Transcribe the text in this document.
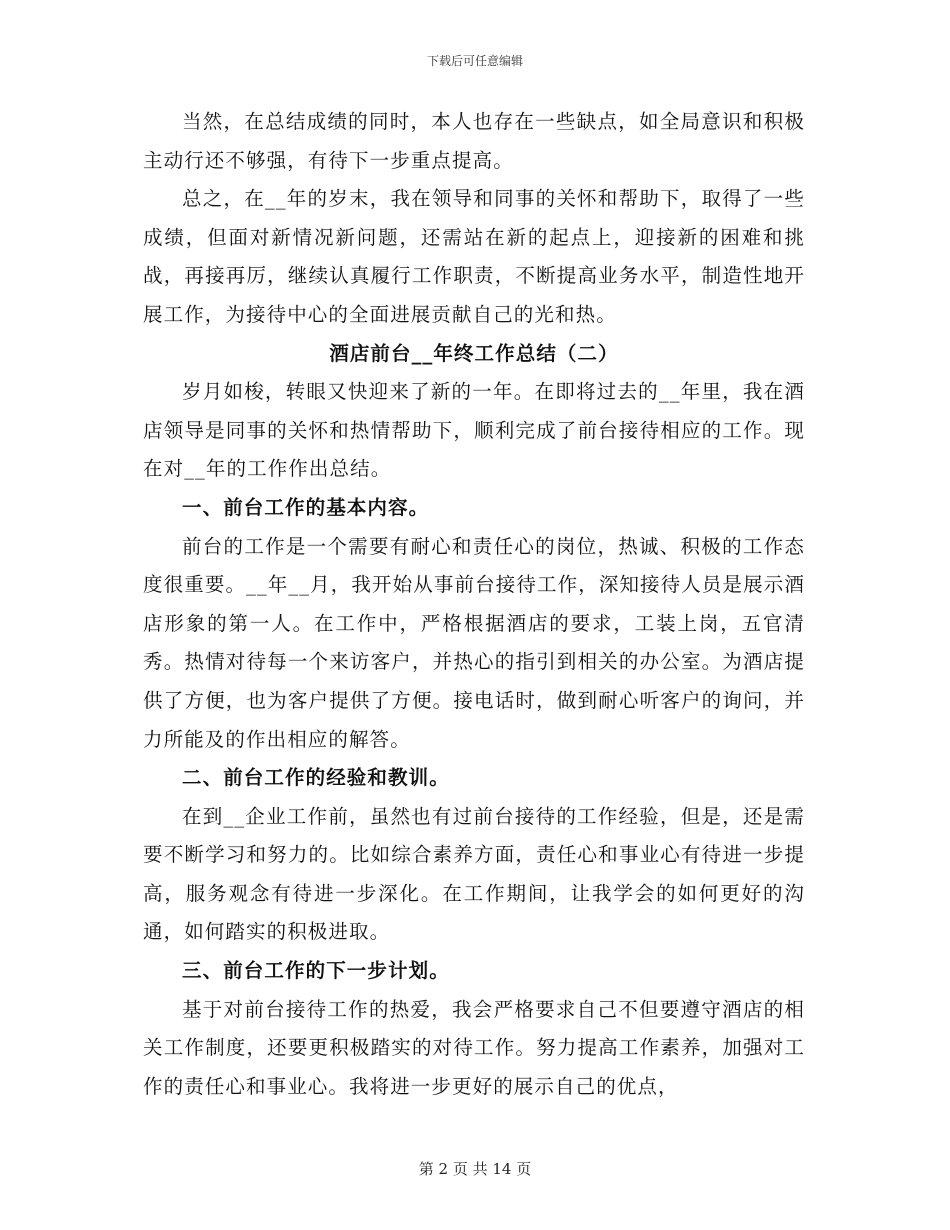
下载后可任意编辑

当然，在总结成绩的同时，本人也存在一些缺点，如全局意识和积极主动行还不够强，有待下一步重点提高。

总之，在__年的岁末，我在领导和同事的关怀和帮助下，取得了一些成绩，但面对新情况新问题，还需站在新的起点上，迎接新的困难和挑战，再接再厉，继续认真履行工作职责，不断提高业务水平，制造性地开展工作，为接待中心的全面进展贡献自己的光和热。

酒店前台__年终工作总结（二）

岁月如梭，转眼又快迎来了新的一年。在即将过去的__年里，我在酒店领导是同事的关怀和热情帮助下，顺利完成了前台接待相应的工作。现在对__年的工作作出总结。

一、前台工作的基本内容。

前台的工作是一个需要有耐心和责任心的岗位，热诚、积极的工作态度很重要。__年__月，我开始从事前台接待工作，深知接待人员是展示酒店形象的第一人。在工作中，严格根据酒店的要求，工装上岗，五官清秀。热情对待每一个来访客户，并热心的指引到相关的办公室。为酒店提供了方便，也为客户提供了方便。接电话时，做到耐心听客户的询问，并力所能及的作出相应的解答。

二、前台工作的经验和教训。

在到__企业工作前，虽然也有过前台接待的工作经验，但是，还是需要不断学习和努力的。比如综合素养方面，责任心和事业心有待进一步提高，服务观念有待进一步深化。在工作期间，让我学会的如何更好的沟通，如何踏实的积极进取。

三、前台工作的下一步计划。

基于对前台接待工作的热爱，我会严格要求自己不但要遵守酒店的相关工作制度，还要更积极踏实的对待工作。努力提高工作素养，加强对工作的责任心和事业心。我将进一步更好的展示自己的优点，

第 2 页 共 14 页
